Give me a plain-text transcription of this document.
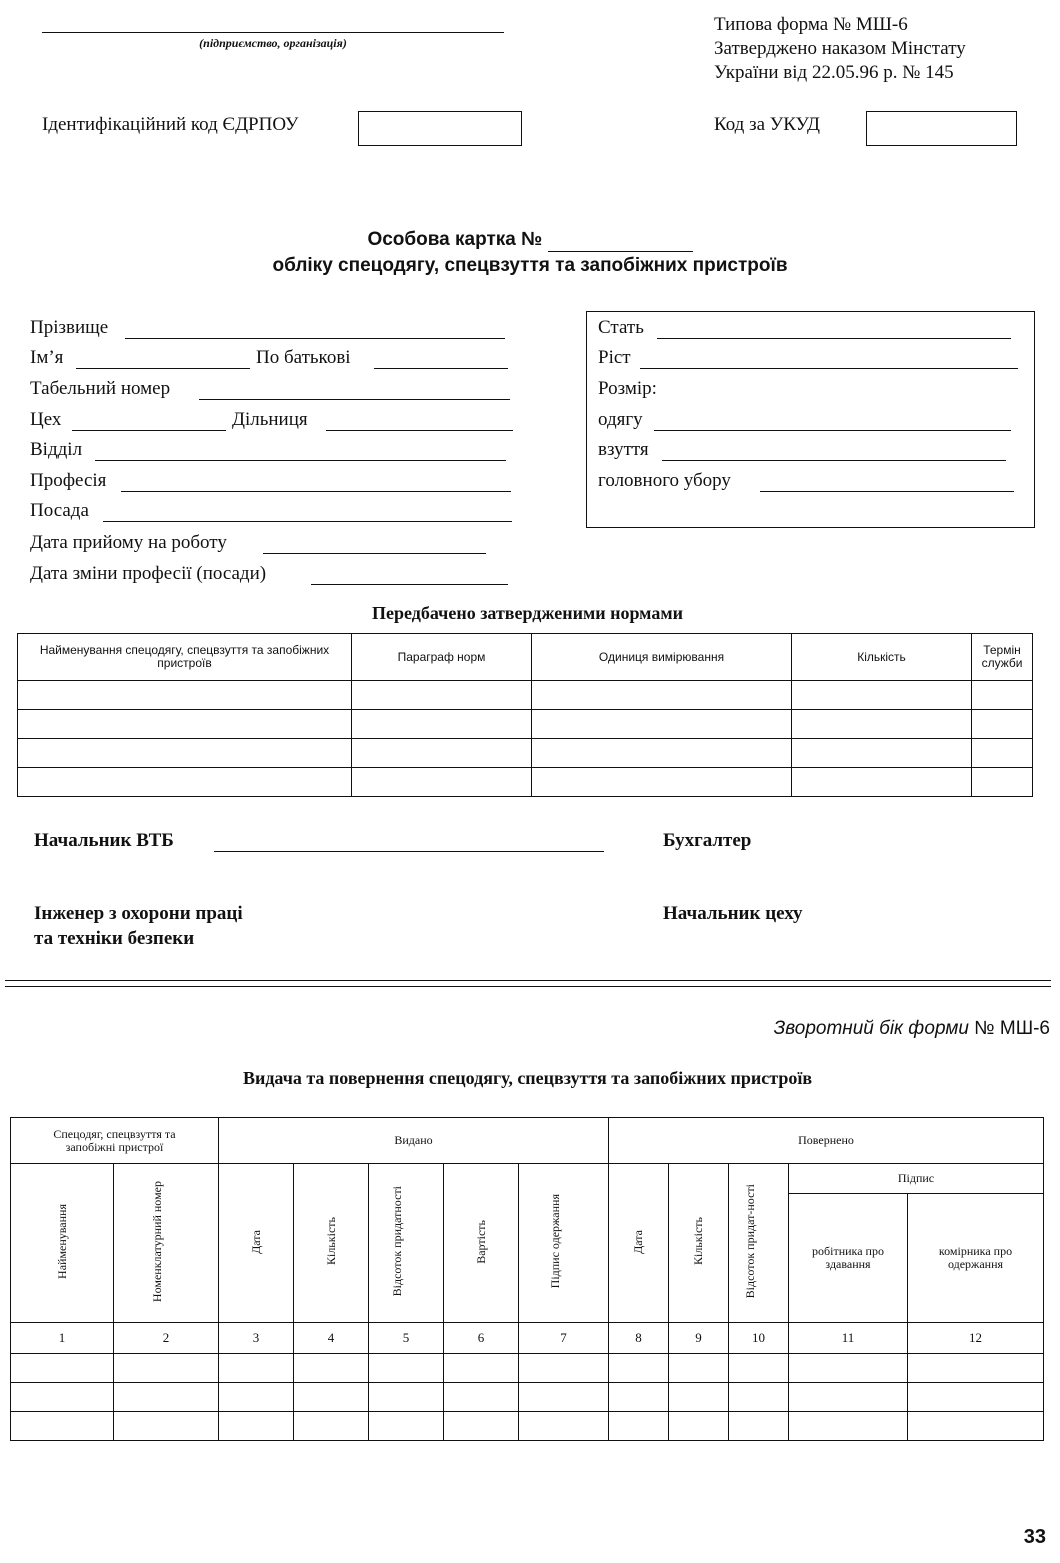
(підприємство, організація)
Типова форма № МШ-6
Затверджено наказом Мінстату
України від 22.05.96 р. № 145
Ідентифікаційний код ЄДРПОУ	Код за УКУД
Особова картка №
обліку спецодягу, спецвзуття та запобіжних пристроїв
Прізвище
Ім’я	По батькові
Табельний номер
Цех	Дільниця
Відділ
Професія
Посада
Дата прийому на роботу
Дата зміни професії (посади)
Стать
Ріст
Розмір:
одягу
взуття
головного убору
Передбачено затвердженими нормами
Найменування спецодягу, спецвзуття та запобіжних пристроїв	Параграф норм	Одиниця вимірювання	Кількість	Термін служби

Начальник ВТБ	Бухгалтер
Інженер з охорони праці
та техніки безпеки
Начальник цеху
Зворотний бік форми № МШ-6
Видача та повернення спецодягу, спецвзуття та запобіжних пристроїв
Спецодяг, спецвзуття та запобіжні пристрої		Видано					Повернено				
Найменування	Номенклатурний номер	Дата	Кількість	Відсоток придатності	Вартість	Підпис одержання	Дата	Кількість	Відсоток придат-ності	Підпис	
										робітника про здавання	комірника про одержання
1	2	3	4	5	6	7	8	9	10	11	12

33
